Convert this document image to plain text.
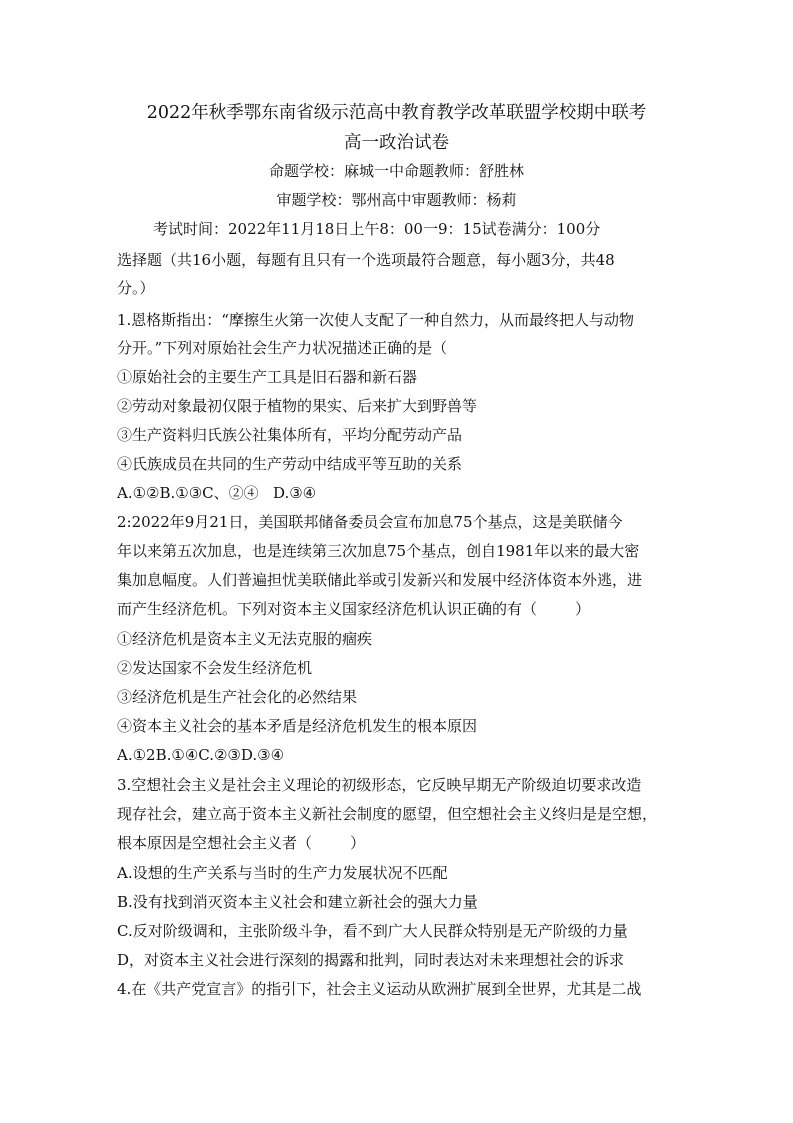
2022年秋季鄂东南省级示范高中教育教学改革联盟学校期中联考
高一政治试卷
命题学校：麻城一中命题教师：舒胜林
审题学校：鄂州高中审题教师：杨莉
考试时间：2022年11月18日上午8：00一9：15试卷满分：100分
选择题（共16小题，每题有且只有一个选项最符合题意，每小题3分，共48
分。）
1.恩格斯指出：“摩擦生火第一次使人支配了一种自然力，从而最终把人与动物
分开。”下列对原始社会生产力状况描述正确的是（
①原始社会的主要生产工具是旧石器和新石器
②劳动对象最初仅限于植物的果实、后来扩大到野兽等
③生产资料归氏族公社集体所有，平均分配劳动产品
④氏族成员在共同的生产劳动中结成平等互助的关系
A.①②B.①③C、②④   D.③④
2:2022年9月21日，美国联邦储备委员会宣布加息75个基点，这是美联储今
年以来第五次加息，也是连续第三次加息75个基点，创自1981年以来的最大密
集加息幅度。人们普遍担忧美联储此举或引发新兴和发展中经济体资本外逃，进
而产生经济危机。下列对资本主义国家经济危机认识正确的有（        ）
①经济危机是资本主义无法克服的痼疾
②发达国家不会发生经济危机
③经济危机是生产社会化的必然结果
④资本主义社会的基本矛盾是经济危机发生的根本原因
A.①2B.①④C.②③D.③④
3.空想社会主义是社会主义理论的初级形态，它反映早期无产阶级迫切要求改造
现存社会，建立高于资本主义新社会制度的愿望，但空想社会主义终归是是空想，
根本原因是空想社会主义者（        ）
A.设想的生产关系与当时的生产力发展状况不匹配
B.没有找到消灭资本主义社会和建立新社会的强大力量
C.反对阶级调和，主张阶级斗争，看不到广大人民群众特别是无产阶级的力量
D，对资本主义社会进行深刻的揭露和批判，同时表达对未来理想社会的诉求
4.在《共产党宣言》的指引下，社会主义运动从欧洲扩展到全世界，尤其是二战
